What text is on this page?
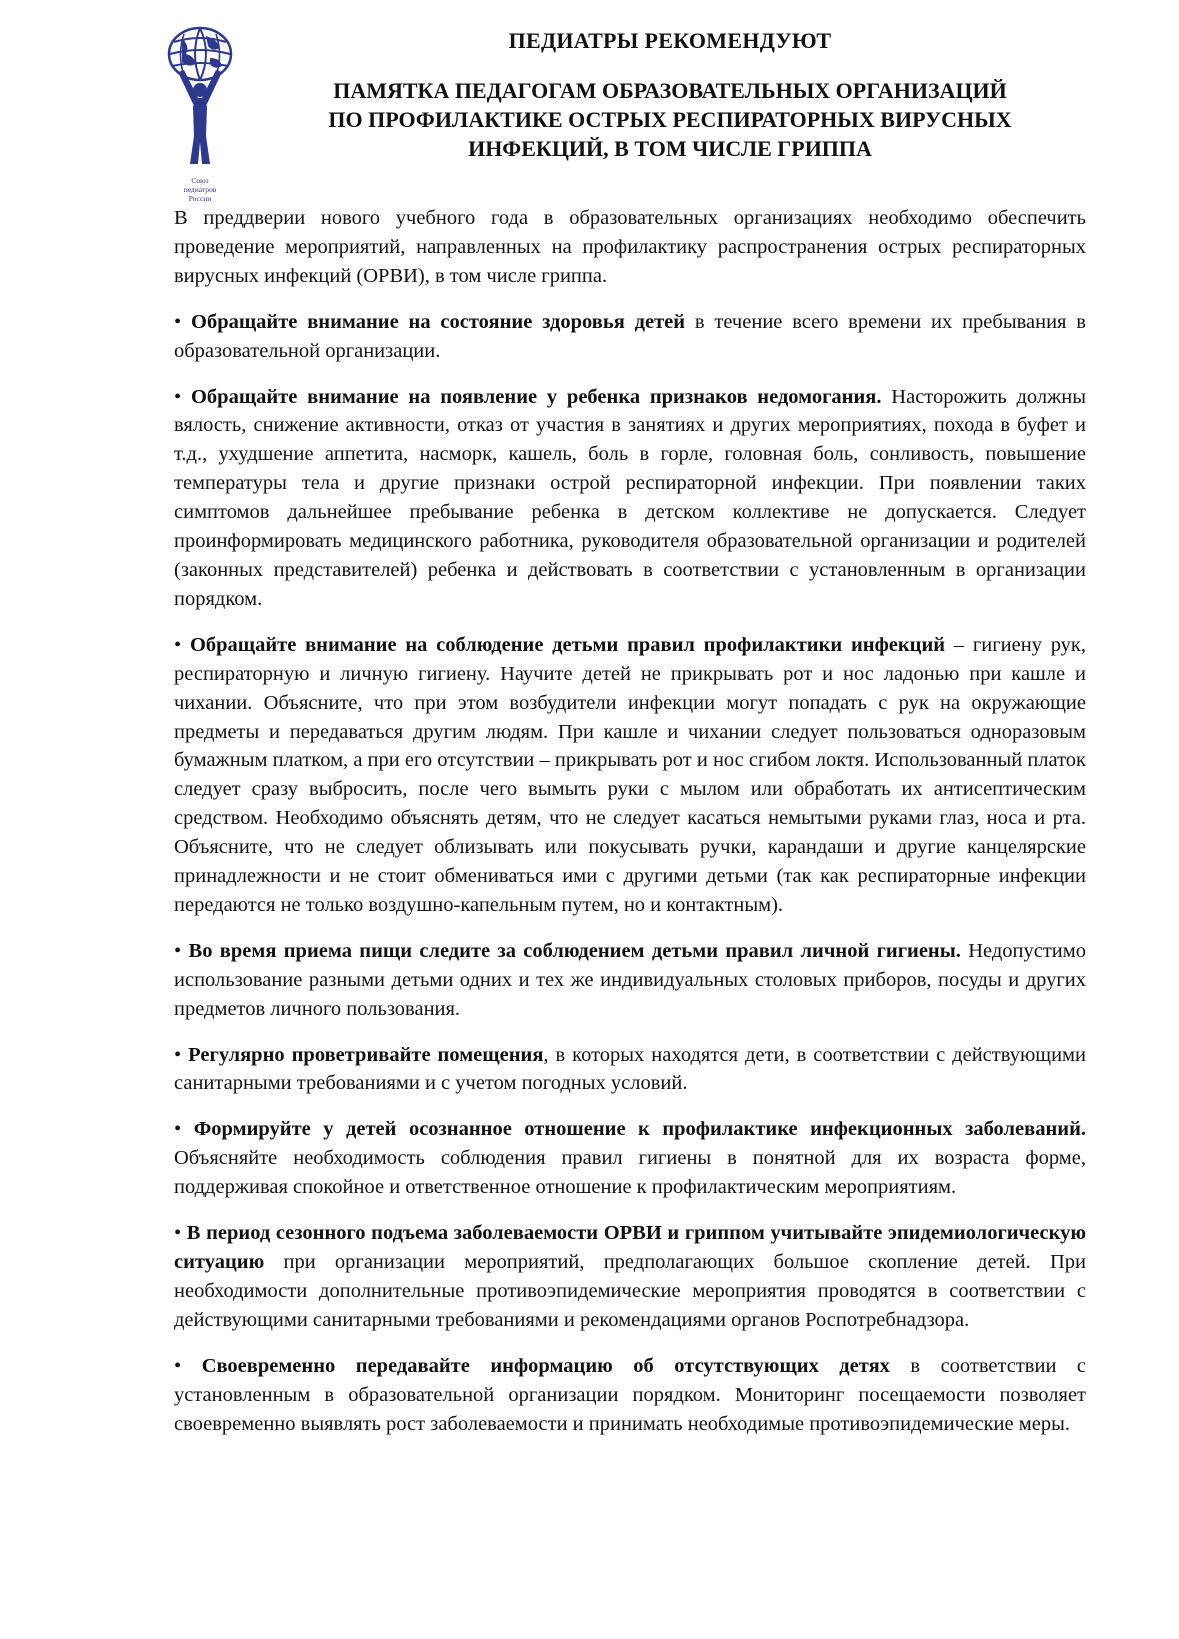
Союз
педиатров
России
ПЕДИАТРЫ РЕКОМЕНДУЮТ
ПАМЯТКА ПЕДАГОГАМ ОБРАЗОВАТЕЛЬНЫХ ОРГАНИЗАЦИЙ
ПО ПРОФИЛАКТИКЕ ОСТРЫХ РЕСПИРАТОРНЫХ ВИРУСНЫХ
ИНФЕКЦИЙ, В ТОМ ЧИСЛЕ ГРИППА

В преддверии нового учебного года в образовательных организациях необходимо обеспечить проведение мероприятий, направленных на профилактику распространения острых респираторных вирусных инфекций (ОРВИ), в том числе гриппа.

• Обращайте внимание на состояние здоровья детей в течение всего времени их пребывания в образовательной организации.

• Обращайте внимание на появление у ребенка признаков недомогания. Насторожить должны вялость, снижение активности, отказ от участия в занятиях и других мероприятиях, похода в буфет и т.д., ухудшение аппетита, насморк, кашель, боль в горле, головная боль, сонливость, повышение температуры тела и другие признаки острой респираторной инфекции. При появлении таких симптомов дальнейшее пребывание ребенка в детском коллективе не допускается. Следует проинформировать медицинского работника, руководителя образовательной организации и родителей (законных представителей) ребенка и действовать в соответствии с установленным в организации порядком.

• Обращайте внимание на соблюдение детьми правил профилактики инфекций – гигиену рук, респираторную и личную гигиену. Научите детей не прикрывать рот и нос ладонью при кашле и чихании. Объясните, что при этом возбудители инфекции могут попадать с рук на окружающие предметы и передаваться другим людям. При кашле и чихании следует пользоваться одноразовым бумажным платком, а при его отсутствии – прикрывать рот и нос сгибом локтя. Использованный платок следует сразу выбросить, после чего вымыть руки с мылом или обработать их антисептическим средством. Необходимо объяснять детям, что не следует касаться немытыми руками глаз, носа и рта. Объясните, что не следует облизывать или покусывать ручки, карандаши и другие канцелярские принадлежности и не стоит обмениваться ими с другими детьми (так как респираторные инфекции передаются не только воздушно-капельным путем, но и контактным).

• Во время приема пищи следите за соблюдением детьми правил личной гигиены. Недопустимо использование разными детьми одних и тех же индивидуальных столовых приборов, посуды и других предметов личного пользования.

• Регулярно проветривайте помещения, в которых находятся дети, в соответствии с действующими санитарными требованиями и с учетом погодных условий.

• Формируйте у детей осознанное отношение к профилактике инфекционных заболеваний. Объясняйте необходимость соблюдения правил гигиены в понятной для их возраста форме, поддерживая спокойное и ответственное отношение к профилактическим мероприятиям.

• В период сезонного подъема заболеваемости ОРВИ и гриппом учитывайте эпидемиологическую ситуацию при организации мероприятий, предполагающих большое скопление детей. При необходимости дополнительные противоэпидемические мероприятия проводятся в соответствии с действующими санитарными требованиями и рекомендациями органов Роспотребнадзора.

• Своевременно передавайте информацию об отсутствующих детях в соответствии с установленным в образовательной организации порядком. Мониторинг посещаемости позволяет своевременно выявлять рост заболеваемости и принимать необходимые противоэпидемические меры.
